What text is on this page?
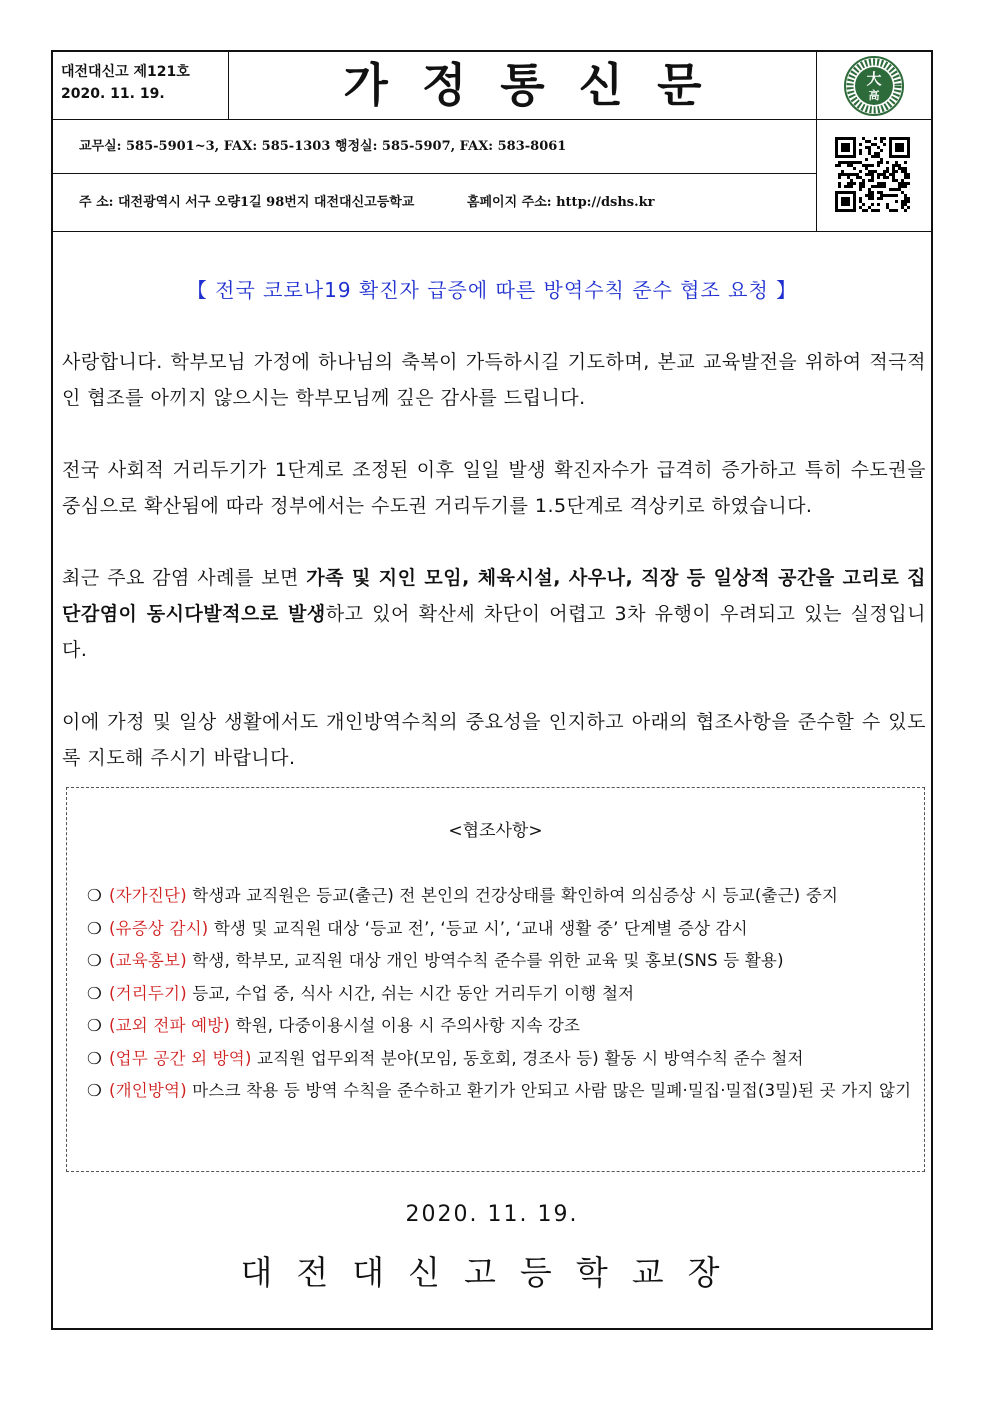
대전대신고 제121호
2020. 11. 19.	가정통신문	大
高
교무실: 585-5901~3, FAX: 585-1303 행정실: 585-5907, FAX: 583-8061
주 소: 대전광역시 서구 오량1길 98번지 대전대신고등학교	홈페이지 주소: http://dshs.kr
【 전국 코로나19 확진자 급증에 따른 방역수칙 준수 협조 요청 】
사랑합니다. 학부모님 가정에 하나님의 축복이 가득하시길 기도하며, 본교 교육발전을 위하여 적극적인 협조를 아끼지 않으시는 학부모님께 깊은 감사를 드립니다.
전국 사회적 거리두기가 1단계로 조정된 이후 일일 발생 확진자수가 급격히 증가하고 특히 수도권을 중심으로 확산됨에 따라 정부에서는 수도권 거리두기를 1.5단계로 격상키로 하였습니다.
최근 주요 감염 사례를 보면 가족 및 지인 모임, 체육시설, 사우나, 직장 등 일상적 공간을 고리로 집단감염이 동시다발적으로 발생하고 있어 확산세 차단이 어렵고 3차 유행이 우려되고 있는 실정입니다.
이에 가정 및 일상 생활에서도 개인방역수칙의 중요성을 인지하고 아래의 협조사항을 준수할 수 있도록 지도해 주시기 바랍니다.
<협조사항>
❍ (자가진단) 학생과 교직원은 등교(출근) 전 본인의 건강상태를 확인하여 의심증상 시 등교(출근) 중지
❍ (유증상 감시) 학생 및 교직원 대상 ‘등교 전’, ‘등교 시’, ‘교내 생활 중’ 단계별 증상 감시
❍ (교육홍보) 학생, 학부모, 교직원 대상 개인 방역수칙 준수를 위한 교육 및 홍보(SNS 등 활용)
❍ (거리두기) 등교, 수업 중, 식사 시간, 쉬는 시간 동안 거리두기 이행 철저
❍ (교외 전파 예방) 학원, 다중이용시설 이용 시 주의사항 지속 강조
❍ (업무 공간 외 방역) 교직원 업무외적 분야(모임, 동호회, 경조사 등) 활동 시 방역수칙 준수 철저
❍ (개인방역) 마스크 착용 등 방역 수칙을 준수하고 환기가 안되고 사람 많은 밀폐·밀집·밀접(3밀)된 곳 가지 않기
2020. 11. 19.
대전대신고등학교장
